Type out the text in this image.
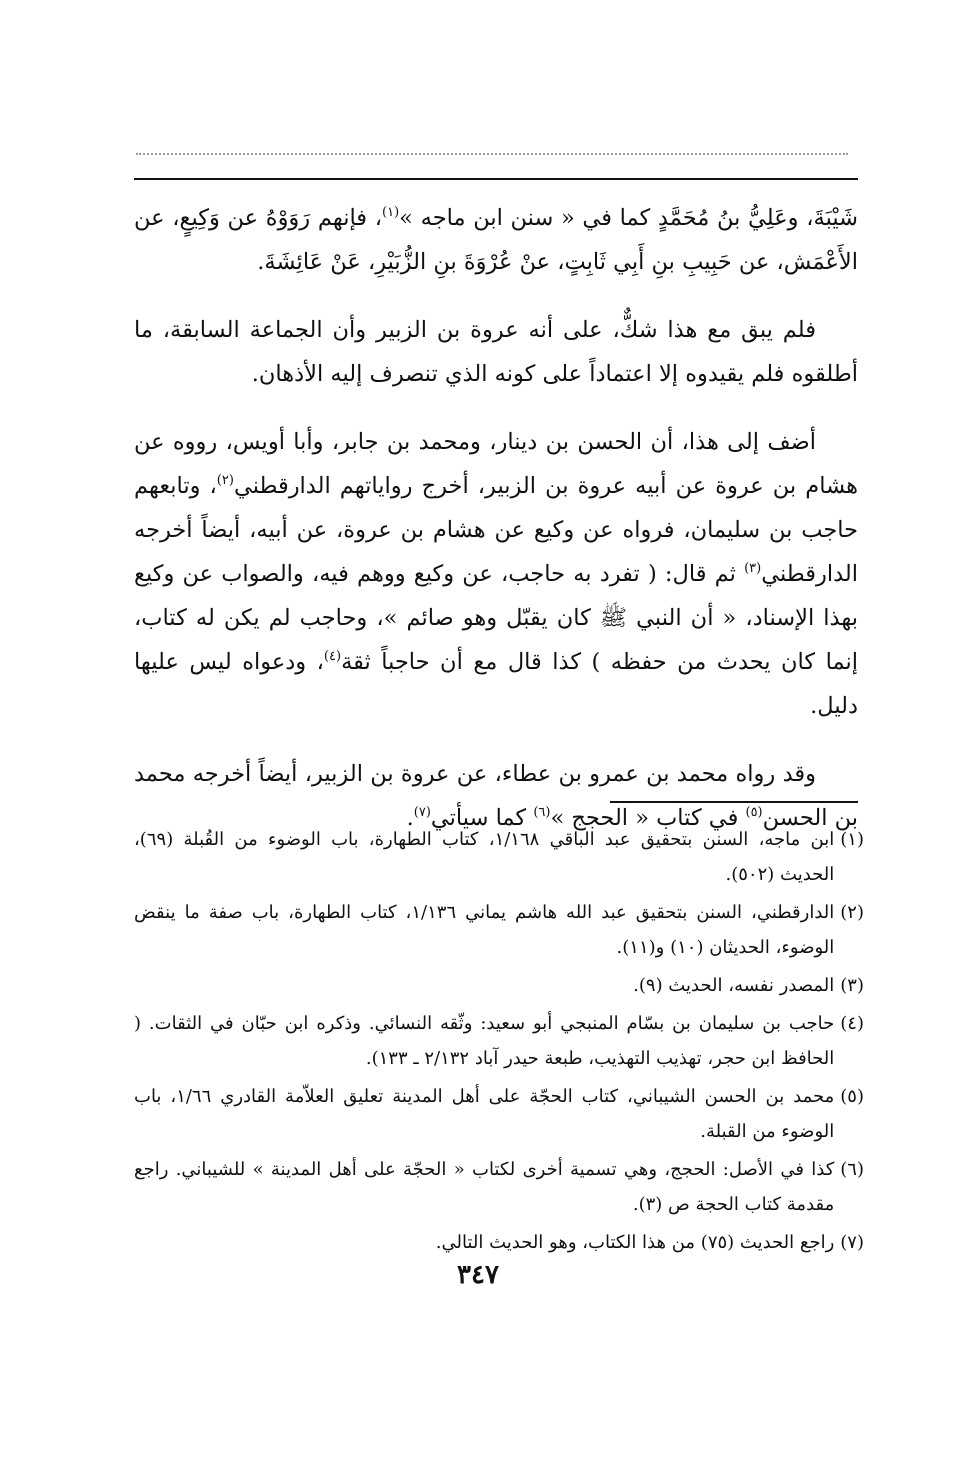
شَيْبَةَ، وعَلِيُّ بنُ مُحَمَّدٍ كما في « سنن ابن ماجه »$^{(١)}$، فإنهم رَوَوْهُ عن وَكِيعٍ، عن الأَعْمَش، عن حَبِيبِ بنِ أَبِي ثَابِتٍ، عنْ عُرْوَةَ بنِ الزُّبَيْرِ، عَنْ عَائِشَةَ.

فلم يبق مع هذا شكٌّ، على أنه عروة بن الزبير وأن الجماعة السابقة، ما أطلقوه فلم يقيدوه إلا اعتماداً على كونه الذي تنصرف إليه الأذهان.

أضف إلى هذا، أن الحسن بن دينار، ومحمد بن جابر، وأبا أويس، رووه عن هشام بن عروة عن أبيه عروة بن الزبير، أخرج رواياتهم الدارقطني$^{(٢)}$، وتابعهم حاجب بن سليمان، فرواه عن وكيع عن هشام بن عروة، عن أبيه، أيضاً أخرجه الدارقطني$^{(٣)}$ ثم قال: ( تفرد به حاجب، عن وكيع ووهم فيه، والصواب عن وكيع بهذا الإسناد، « أن النبي ﷺ كان يقبّل وهو صائم »، وحاجب لم يكن له كتاب، إنما كان يحدث من حفظه ) كذا قال مع أن حاجباً ثقة$^{(٤)}$، ودعواه ليس عليها دليل.

وقد رواه محمد بن عمرو بن عطاء، عن عروة بن الزبير، أيضاً أخرجه محمد بن الحسن$^{(٥)}$ في كتاب « الحجج »$^{(٦)}$ كما سيأتي$^{(٧)}$.

(١)
ابن ماجه، السنن بتحقيق عبد الباقي ١/١٦٨، كتاب الطهارة، باب الوضوء من القُبلة (٦٩)، الحديث (٥٠٢).
(٢)
الدارقطني، السنن بتحقيق عبد الله هاشم يماني ١/١٣٦، كتاب الطهارة، باب صفة ما ينقض الوضوء، الحديثان (١٠) و(١١).
(٣)
المصدر نفسه، الحديث (٩).
(٤)
حاجب بن سليمان بن بسّام المنبجي أبو سعيد: وثّقه النسائي. وذكره ابن حبّان في الثقات. ( الحافظ ابن حجر، تهذيب التهذيب، طبعة حيدر آباد ٢/١٣٢ ـ ١٣٣).
(٥)
محمد بن الحسن الشيباني، كتاب الحجّة على أهل المدينة تعليق العلاّمة القادري ١/٦٦، باب الوضوء من القبلة.
(٦)
كذا في الأصل: الحجج، وهي تسمية أخرى لكتاب « الحجّة على أهل المدينة » للشيباني. راجع مقدمة كتاب الحجة ص (٣).
(٧)
راجع الحديث (٧٥) من هذا الكتاب، وهو الحديث التالي.
٣٤٧
